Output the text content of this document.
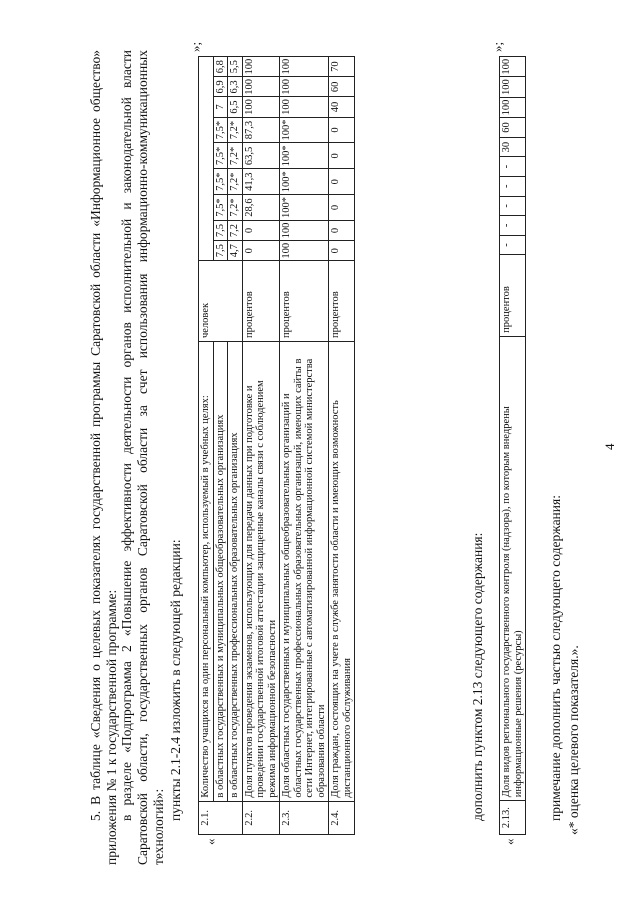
4

5. В таблице «Сведения о целевых показателях государственной программы Саратовской области «Информационное общество» приложения № 1 к государственной программе: в разделе «Подпрограмма 2 «Повышение эффективности деятельности органов исполнительной и законодательной власти Саратовской области, государственных органов Саратовской области за счет использования информационно-коммуникационных технологий»:

пункты 2.1-2.4 изложить в следующей редакции:

«
»;
2.1.	Количество учащихся на один персональный компьютер, используемый в учебных целях:	человек									
	в областных государственных и муниципальных общеобразовательных организациях		7,5	7,5	7,5*	7,5*	7,5*	7,5*	7	6,9	6,8
	в областных государственных профессиональных образовательных организациях		4,7	7,2	7,2*	7,2*	7,2*	7,2*	6,5	6,3	5,5
2.2.	Доля пунктов проведения экзаменов, использующих для передачи данных при подготовке и проведении государственной итоговой аттестации защищенные каналы связи с соблюдением режима информационной безопасности	процентов	0	0	28,6	41,3	63,5	87,3	100	100	100
2.3.	Доля областных государственных и муниципальных общеобразовательных организаций и областных государственных профессиональных образовательных организаций, имеющих сайты в сети Интернет, интегрированные с автоматизированной информационной системой министерства образования области	процентов	100	100	100*	100*	100*	100*	100	100	100
2.4.	Доля граждан, состоящих на учете в службе занятости области и имеющих возможность дистанционного обслуживания	процентов	0	0	0	0	0	0	40	60	70
дополнить пунктом 2.13 следующего содержания:
«
»;
2.13.	Доля видов регионального государственного контроля (надзора), по которым внедрены информационные решения (ресурсы)	процентов	-	-	-	-	-	30	60	100	100	100
примечание дополнить частью следующего содержания: «* оценка целевого показателя.».
